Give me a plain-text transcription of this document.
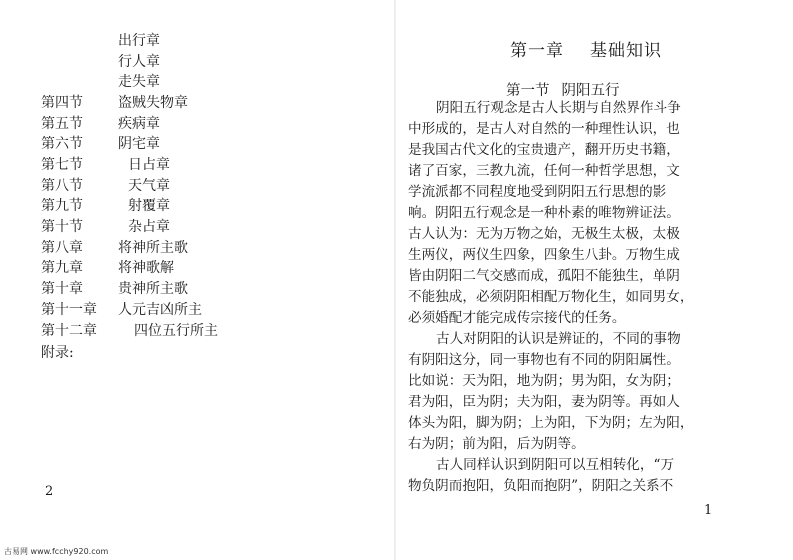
出行章
行人章
走失章
第四节	盗贼失物章
第五节	疾病章
第六节	阴宅章
第七节	日占章
第八节	天气章
第九节	射覆章
第十节	杂占章
第八章	将神所主歌
第九章	将神歌解
第十章	贵神所主歌
第十一章 人元吉凶所主
第十二章	四位五行所主
附录:
2
第一章 基础知识
第一节 阴阳五行
阴阳五行观念是古人长期与自然界作斗争
中形成的，是古人对自然的一种理性认识，也
是我国古代文化的宝贵遗产，翻开历史书籍，
诸了百家，三教九流，任何一种哲学思想，文
学流派都不同程度地受到阴阳五行思想的影
响。阴阳五行观念是一种朴素的唯物辨证法。
古人认为：无为万物之始，无极生太极，太极
生两仪，两仪生四象，四象生八卦。万物生成
皆由阴阳二气交感而成，孤阳不能独生，单阴
不能独成，必须阴阳相配万物化生，如同男女，
必须婚配才能完成传宗接代的任务。
古人对阴阳的认识是辨证的，不同的事物
有阴阳这分，同一事物也有不同的阴阳属性。
比如说：天为阳，地为阴；男为阳，女为阴；
君为阳，臣为阴；夫为阳，妻为阴等。再如人
体头为阳，脚为阴；上为阳，下为阴；左为阳，
右为阴；前为阳，后为阴等。
古人同样认识到阴阳可以互相转化，“万
物负阴而抱阳，负阳而抱阴”，阴阳之关系不
1
古易网 www.fcchy920.com
